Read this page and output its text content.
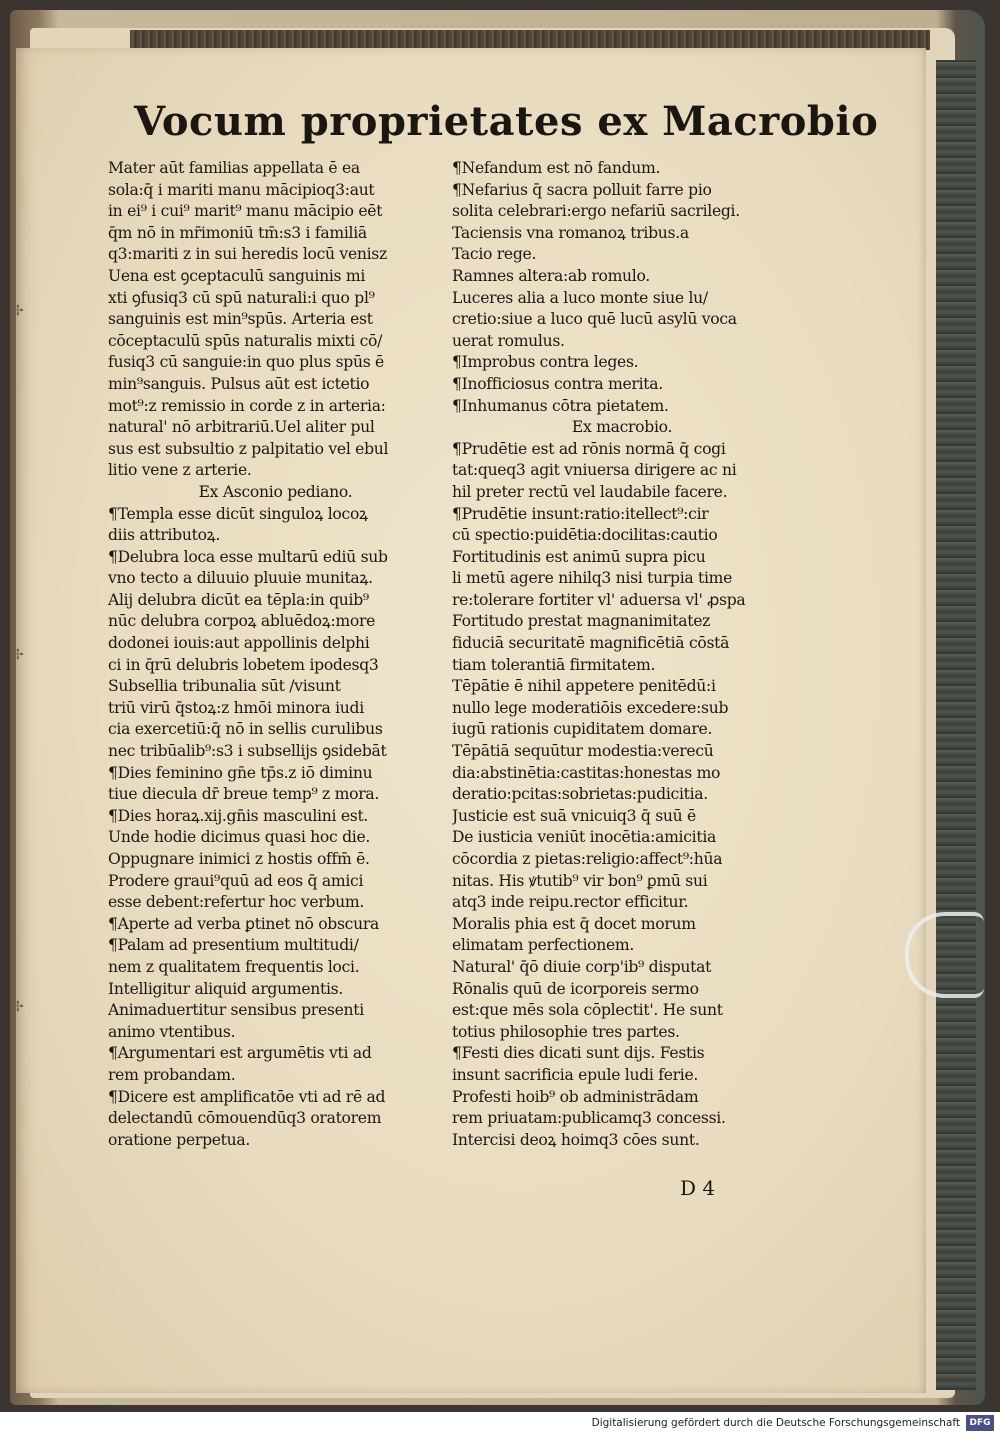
✢
✢
✢
Vocum proprietates ex Macrobio
Mater aūt familias appellata ē ea
sola:q̄ i mariti manu mācipioq3:aut
in ei⁹ i cui⁹ marit⁹ manu mācipio eēt
q̄m nō in mr̄imoniū tm̄:s3 i familiā
q3:mariti z in sui heredis locū venisz
Uena est ꝯceptaculū sanguinis mi
xti ꝯfusiq3 cū spū naturali:i quo pl⁹
sanguinis est min⁹spūs. Arteria est
cōceptaculū spūs naturalis mixti cō/
fusiq3 cū sanguie:in quo plus spūs ē
min⁹sanguis. Pulsus aūt est ictetio
mot⁹:z remissio in corde z in arteria:
natural' nō arbitrariū.Uel aliter pul
sus est subsultio z palpitatio vel ebul
litio vene z arterie.
Ex Asconio pediano.
¶Templa esse dicūt singuloꝝ locoꝝ
diis attributoꝝ.
¶Delubra loca esse multarū ediū sub
vno tecto a diluuio pluuie munitaꝝ.
Alij delubra dicūt ea tēpla:in quib⁹
nūc delubra corpoꝝ abluēdoꝝ:more
dodonei iouis:aut appollinis delphi
ci in q̄rū delubris lobetem ipodesq3
Subsellia tribunalia sūt /visunt
triū virū q̄stoꝝ:z hmōi minora iudi
cia exercetiū:q̄ nō in sellis curulibus
nec tribūalib⁹:s3 i subsellijs ꝯsidebāt
¶Dies feminino gn̄e tp̄s.z iō diminu
tiue diecula dr̄ breue temp⁹ z mora.
¶Dies horaꝝ.xij.gn̄is masculini est.
Unde hodie dicimus quasi hoc die.
Oppugnare inimici z hostis offm̄ ē.
Prodere graui⁹quū ad eos q̄ amici
esse debent:refertur hoc verbum.
¶Aperte ad verba ꝑtinet nō obscura
¶Palam ad presentium multitudi/
nem z qualitatem frequentis loci.
Intelligitur aliquid argumentis.
Animaduertitur sensibus presenti
animo vtentibus.
¶Argumentari est argumētis vti ad
rem probandam.
¶Dicere est amplificatōe vti ad rē ad
delectandū cōmouendūq3 oratorem
oratione perpetua.
¶Nefandum est nō fandum.
¶Nefarius q̄ sacra polluit farre pio
solita celebrari:ergo nefariū sacrilegi.
Taciensis vna romanoꝝ tribus.a
Tacio rege.
Ramnes altera:ab romulo.
Luceres alia a luco monte siue lu/
cretio:siue a luco quē lucū asylū voca
uerat romulus.
¶Improbus contra leges.
¶Inofficiosus contra merita.
¶Inhumanus cōtra pietatem.
Ex macrobio.
¶Prudētie est ad rōnis normā q̄ cogi
tat:queq3 agit vniuersa dirigere ac ni
hil preter rectū vel laudabile facere.
¶Prudētie insunt:ratio:itellect⁹:cir
cū spectio:puidētia:docilitas:cautio
Fortitudinis est animū supra picu
li metū agere nihilq3 nisi turpia time
re:tolerare fortiter vl' aduersa vl' ꝓspa
Fortitudo prestat magnanimitatez
fiduciā securitatē magnificētiā cōstā
tiam tolerantiā firmitatem.
Tēpātie ē nihil appetere penitēdū:i
nullo lege moderatiōis excedere:sub
iugū rationis cupiditatem domare.
Tēpātiā sequūtur modestia:verecū
dia:abstinētia:castitas:honestas mo
deratio:pcitas:sobrietas:pudicitia.
Justicie est suā vnicuiq3 q̄ suū ē
De iusticia veniūt inocētia:amicitia
cōcordia z pietas:religio:affect⁹:hūa
nitas. His ꝟtutib⁹ vir bon⁹ ꝑmū sui
atq3 inde reipu.rector efficitur.
Moralis phia est q̄ docet morum
elimatam perfectionem.
Natural' q̄ō diuie corp'ib⁹ disputat
Rōnalis quū de icorporeis sermo
est:que mēs sola cōplectit'. He sunt
totius philosophie tres partes.
¶Festi dies dicati sunt dijs. Festis
insunt sacrificia epule ludi ferie.
Profesti hoib⁹ ob administrādam
rem priuatam:publicamq3 concessi.
Intercisi deoꝝ hoimq3 cōes sunt.
D 4
Digitalisierung gefördert durch die Deutsche Forschungsgemeinschaft	DFG
